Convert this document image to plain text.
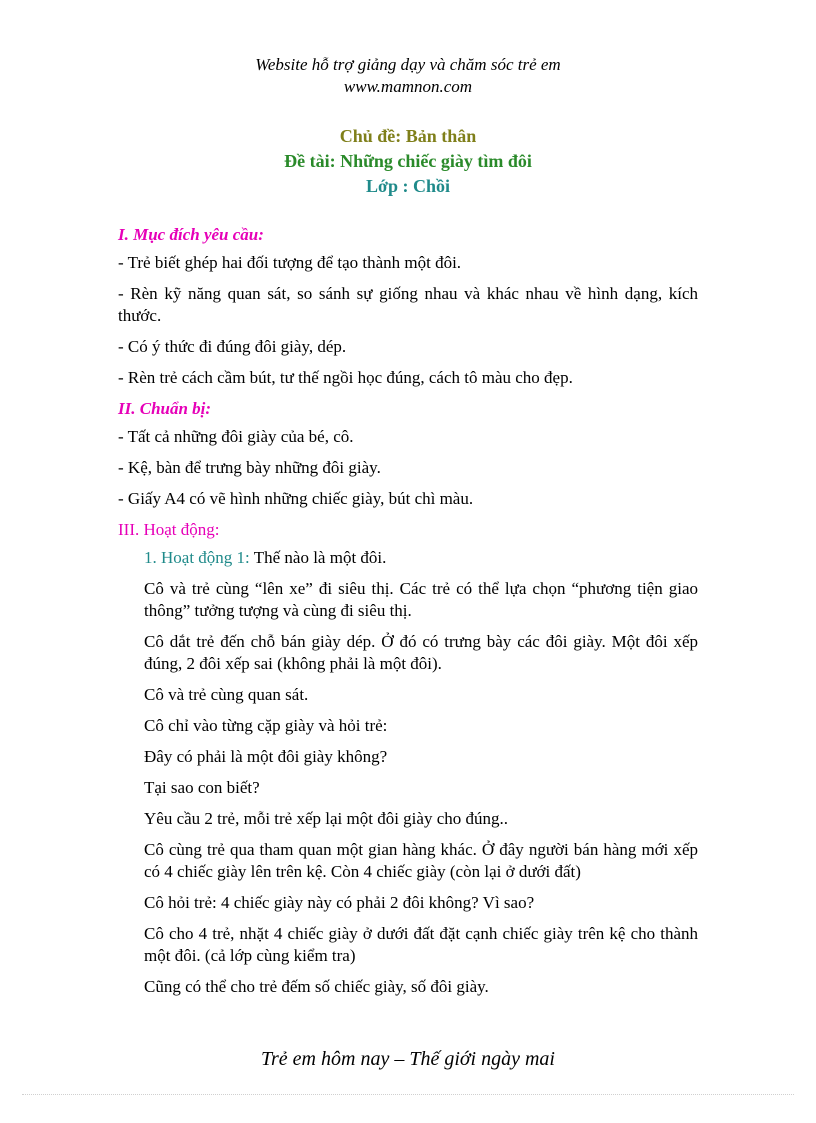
Website hỗ trợ giảng dạy và chăm sóc trẻ em
www.mamnon.com
Chủ đề: Bản thân
Đề tài: Những chiếc giày tìm đôi
Lớp : Chồi
I. Mục đích yêu cầu:

- Trẻ biết ghép hai đối tượng để tạo thành một đôi.

- Rèn kỹ năng quan sát, so sánh sự giống nhau và khác nhau về hình dạng, kích thước.

- Có ý thức đi đúng đôi giày, dép.

- Rèn trẻ cách cầm bút, tư thế ngồi học đúng, cách tô màu cho đẹp.

II. Chuẩn bị:

- Tất cả những đôi giày của bé, cô.

- Kệ, bàn để trưng bày những đôi giày.

- Giấy A4 có vẽ hình những chiếc giày, bút chì màu.

III. Hoạt động:

1. Hoạt động 1: Thế nào là một đôi.

Cô và trẻ cùng “lên xe” đi siêu thị. Các trẻ có thể lựa chọn “phương tiện giao thông” tưởng tượng và cùng đi siêu thị.

Cô dắt trẻ đến chỗ bán giày dép. Ở đó có trưng bày các đôi giày. Một đôi xếp đúng, 2 đôi xếp sai (không phải là một đôi).

Cô và trẻ cùng quan sát.

Cô chỉ vào từng cặp giày và hỏi trẻ:

Đây có phải là một đôi giày không?

Tại sao con biết?

Yêu cầu 2 trẻ, mỗi trẻ xếp lại một đôi giày cho đúng..

Cô cùng trẻ qua tham quan một gian hàng khác. Ở đây người bán hàng mới xếp có 4 chiếc giày lên trên kệ. Còn 4 chiếc giày (còn lại ở dưới đất)

Cô hỏi trẻ: 4 chiếc giày này có phải 2 đôi không? Vì sao?

Cô cho 4 trẻ, nhặt 4 chiếc giày ở dưới đất đặt cạnh chiếc giày trên kệ cho thành một đôi. (cả lớp cùng kiểm tra)

Cũng có thể cho trẻ đếm số chiếc giày, số đôi giày.

Trẻ em hôm nay – Thế giới ngày mai
